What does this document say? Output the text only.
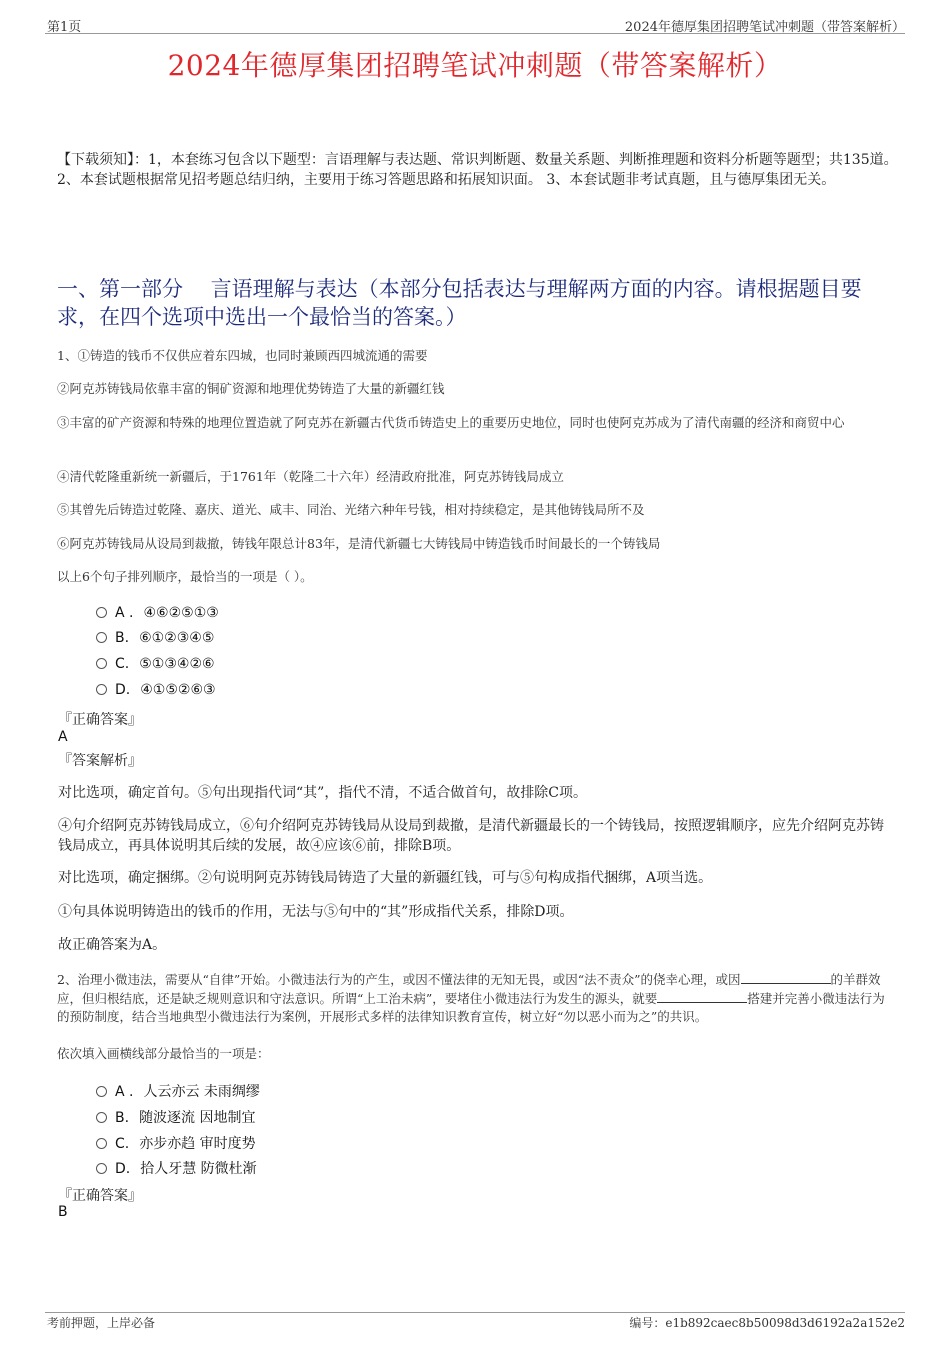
第1页	2024年德厚集团招聘笔试冲刺题（带答案解析）
2024年德厚集团招聘笔试冲刺题（带答案解析）
【下载须知】：1，本套练习包含以下题型：言语理解与表达题、常识判断题、数量关系题、判断推理题和资料分析题等题型；共135道。 2、本套试题根据常见招考题总结归纳，主要用于练习答题思路和拓展知识面。 3、本套试题非考试真题，且与德厚集团无关。
一、第一部分　 言语理解与表达（本部分包括表达与理解两方面的内容。请根据题目要求，在四个选项中选出一个最恰当的答案。）
1、①铸造的钱币不仅供应着东四城，也同时兼顾西四城流通的需要
②阿克苏铸钱局依靠丰富的铜矿资源和地理优势铸造了大量的新疆红钱
③丰富的矿产资源和特殊的地理位置造就了阿克苏在新疆古代货币铸造史上的重要历史地位，同时也使阿克苏成为了清代南疆的经济和商贸中心
④清代乾隆重新统一新疆后，于1761年（乾隆二十六年）经清政府批准，阿克苏铸钱局成立
⑤其曾先后铸造过乾隆、嘉庆、道光、咸丰、同治、光绪六种年号钱，相对持续稳定，是其他铸钱局所不及
⑥阿克苏铸钱局从设局到裁撤，铸钱年限总计83年，是清代新疆七大铸钱局中铸造钱币时间最长的一个铸钱局
以上6个句子排列顺序，最恰当的一项是（ ）。
A . ④⑥②⑤①③
B. ⑥①②③④⑤
C. ⑤①③④②⑥
D. ④①⑤②⑥③
『正确答案』
A
『答案解析』
对比选项，确定首句。⑤句出现指代词“其”，指代不清，不适合做首句，故排除C项。
④句介绍阿克苏铸钱局成立，⑥句介绍阿克苏铸钱局从设局到裁撤，是清代新疆最长的一个铸钱局，按照逻辑顺序，应先介绍阿克苏铸钱局成立，再具体说明其后续的发展，故④应该⑥前，排除B项。
对比选项，确定捆绑。②句说明阿克苏铸钱局铸造了大量的新疆红钱，可与⑤句构成指代捆绑，A项当选。
①句具体说明铸造出的钱币的作用，无法与⑤句中的“其”形成指代关系，排除D项。
故正确答案为A。
2、治理小微违法，需要从“自律”开始。小微违法行为的产生，或因不懂法律的无知无畏，或因“法不责众”的侥幸心理，或因	的羊群效应，但归根结底，还是缺乏规则意识和守法意识。所谓“上工治未病”，要堵住小微违法行为发生的源头，就要	搭建并完善小微违法行为的预防制度，结合当地典型小微违法行为案例，开展形式多样的法律知识教育宣传，树立好“勿以恶小而为之”的共识。
依次填入画横线部分最恰当的一项是：
A . 人云亦云 未雨绸缪
B. 随波逐流 因地制宜
C. 亦步亦趋 审时度势
D. 拾人牙慧 防微杜渐
『正确答案』
B
考前押题，上岸必备	编号：e1b892caec8b50098d3d6192a2a152e2
